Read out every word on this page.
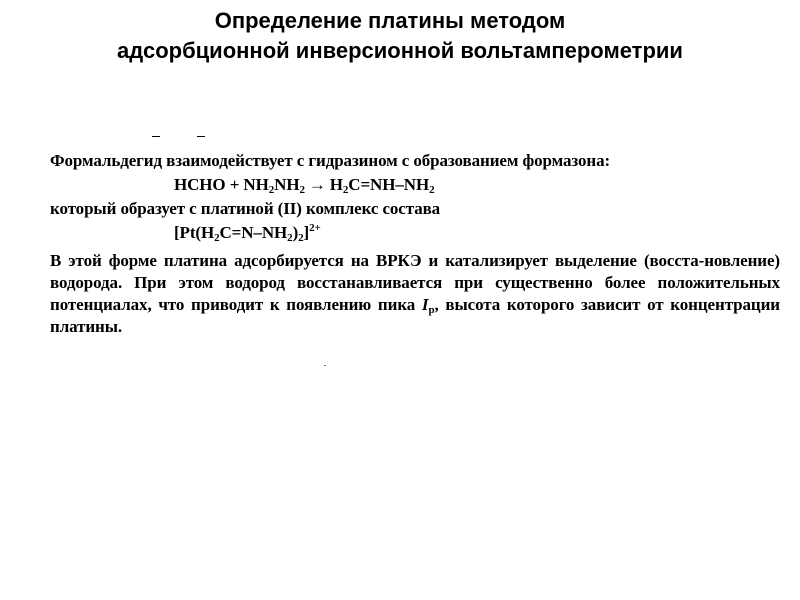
Определение платины методом
адсорбционной инверсионной вольтамперометрии

Формальдегид взаимодействует с гидразином с образованием формазона:

HCHO + $NH_2NH_2 \to H_2C=NH-NH_2$

который образует с платиной (II) комплекс состава

$[Pt(H_2C=N-NH_2)_2]^{2+}$

В этой форме платина адсорбируется на ВРКЭ и катализирует выделение (восста-новление) водорода. При этом водород восстанавливается при существенно более положительных потенциалах, что приводит к появлению пика $I_p$, высота которого зависит от концентрации платины.
